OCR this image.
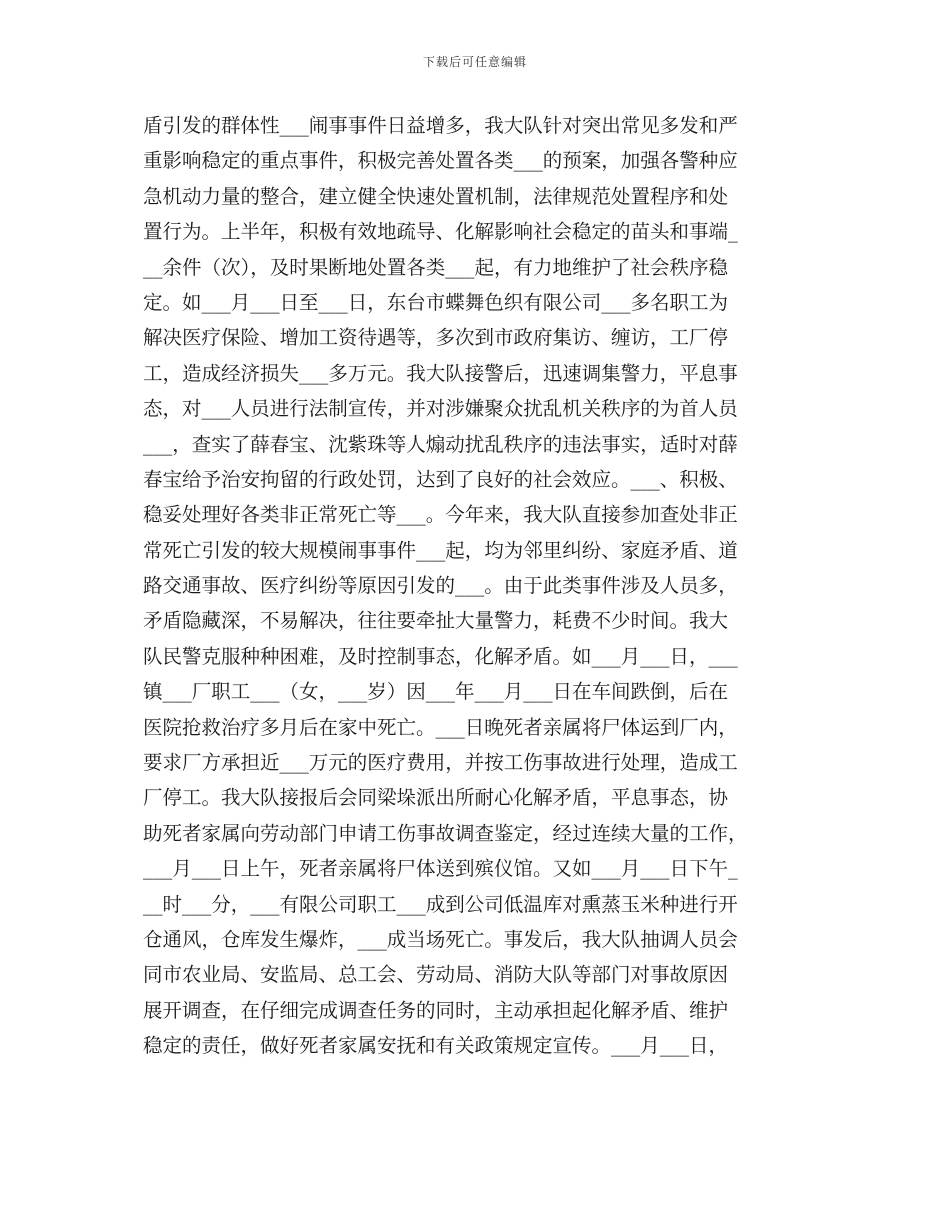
下载后可任意编辑
盾引发的群体性___闹事事件日益增多，我大队针对突出常见多发和严
重影响稳定的重点事件，积极完善处置各类___的预案，加强各警种应
急机动力量的整合，建立健全快速处置机制，法律规范处置程序和处
置行为。上半年，积极有效地疏导、化解影响社会稳定的苗头和事端_
__余件（次），及时果断地处置各类___起，有力地维护了社会秩序稳
定。如___月___日至___日，东台市蝶舞色织有限公司___多名职工为
解决医疗保险、增加工资待遇等，多次到市政府集访、缠访，工厂停
工，造成经济损失___多万元。我大队接警后，迅速调集警力，平息事
态，对___人员进行法制宣传，并对涉嫌聚众扰乱机关秩序的为首人员
___，查实了薛春宝、沈紫珠等人煽动扰乱秩序的违法事实，适时对薛
春宝给予治安拘留的行政处罚，达到了良好的社会效应。___、积极、
稳妥处理好各类非正常死亡等___。今年来，我大队直接参加查处非正
常死亡引发的较大规模闹事事件___起，均为邻里纠纷、家庭矛盾、道
路交通事故、医疗纠纷等原因引发的___。由于此类事件涉及人员多，
矛盾隐藏深，不易解决，往往要牵扯大量警力，耗费不少时间。我大
队民警克服种种困难，及时控制事态，化解矛盾。如___月___日，___
镇___厂职工___（女，___岁）因___年___月___日在车间跌倒，后在
医院抢救治疗多月后在家中死亡。___日晚死者亲属将尸体运到厂内，
要求厂方承担近___万元的医疗费用，并按工伤事故进行处理，造成工
厂停工。我大队接报后会同梁垛派出所耐心化解矛盾，平息事态，协
助死者家属向劳动部门申请工伤事故调查鉴定，经过连续大量的工作，
___月___日上午，死者亲属将尸体送到殡仪馆。又如___月___日下午_
__时___分，___有限公司职工___成到公司低温库对熏蒸玉米种进行开
仓通风，仓库发生爆炸，___成当场死亡。事发后，我大队抽调人员会
同市农业局、安监局、总工会、劳动局、消防大队等部门对事故原因
展开调查，在仔细完成调查任务的同时，主动承担起化解矛盾、维护
稳定的责任，做好死者家属安抚和有关政策规定宣传。___月___日，
